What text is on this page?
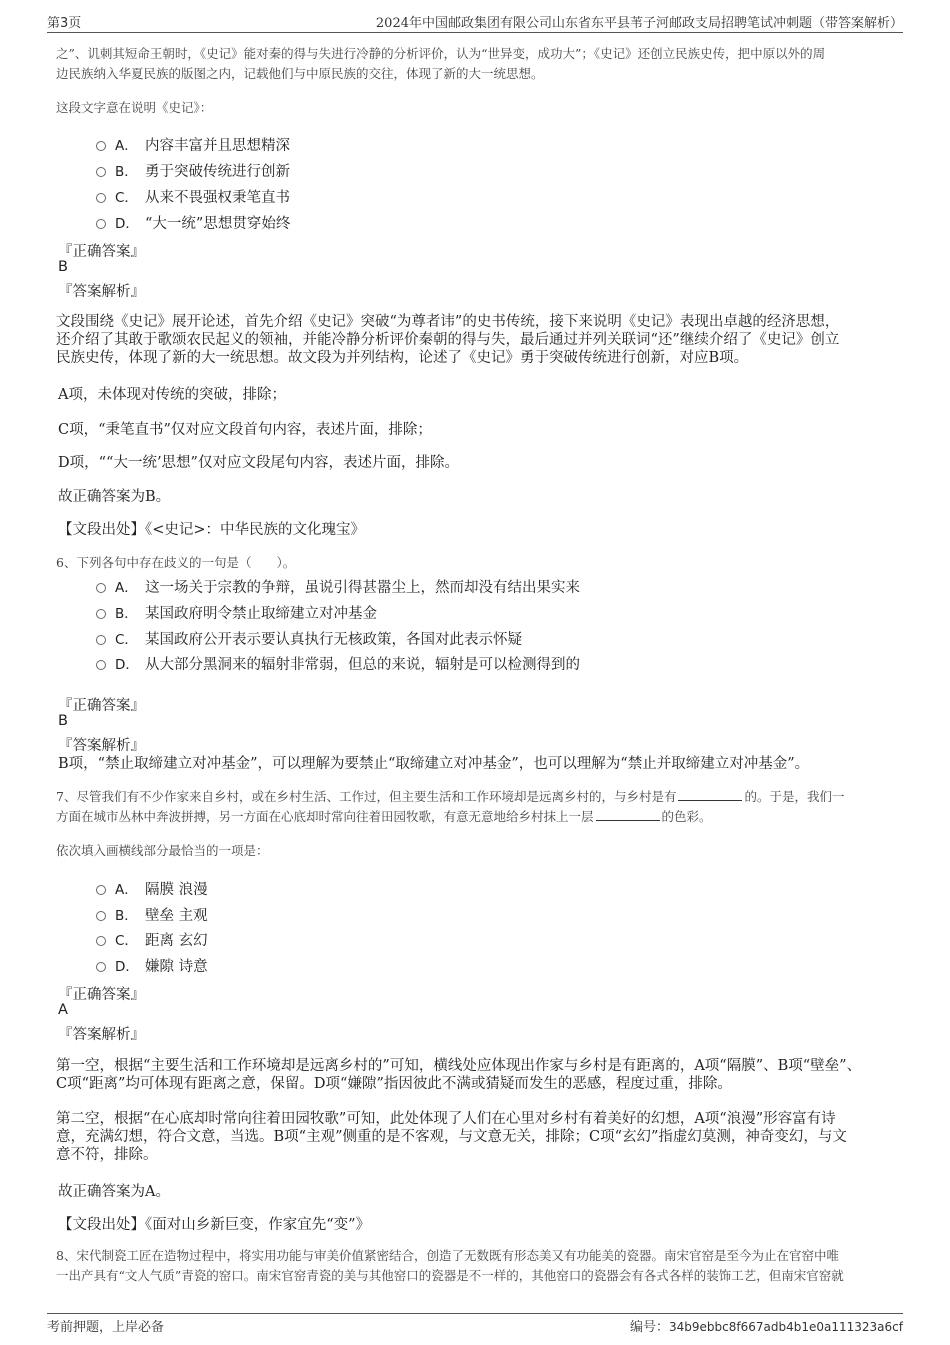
第3页	2024年中国邮政集团有限公司山东省东平县苇子河邮政支局招聘笔试冲刺题（带答案解析）
之”、讥刺其短命王朝时，《史记》能对秦的得与失进行冷静的分析评价，认为“世异变，成功大”；《史记》还创立民族史传，把中原以外的周
边民族纳入华夏民族的版图之内，记载他们与中原民族的交往，体现了新的大一统思想。
这段文字意在说明《史记》：
A． 内容丰富并且思想精深
B． 勇于突破传统进行创新
C． 从来不畏强权秉笔直书
D． “大一统”思想贯穿始终
『正确答案』
B
『答案解析』
文段围绕《史记》展开论述，首先介绍《史记》突破“为尊者讳”的史书传统，接下来说明《史记》表现出卓越的经济思想，
还介绍了其敢于歌颂农民起义的领袖，并能冷静分析评价秦朝的得与失，最后通过并列关联词“还”继续介绍了《史记》创立
民族史传，体现了新的大一统思想。故文段为并列结构，论述了《史记》勇于突破传统进行创新，对应B项。
A项，未体现对传统的突破，排除；
C项，“秉笔直书”仅对应文段首句内容，表述片面，排除；
D项，““大一统’思想”仅对应文段尾句内容，表述片面，排除。
故正确答案为B。
【文段出处】《<史记>：中华民族的文化瑰宝》
6、下列各句中存在歧义的一句是（　　）。
A． 这一场关于宗教的争辩，虽说引得甚嚣尘上，然而却没有结出果实来
B． 某国政府明令禁止取缔建立对冲基金
C． 某国政府公开表示要认真执行无核政策，各国对此表示怀疑
D． 从大部分黑洞来的辐射非常弱，但总的来说，辐射是可以检测得到的
『正确答案』
B
『答案解析』
B项，“禁止取缔建立对冲基金”，可以理解为要禁止“取缔建立对冲基金”，也可以理解为“禁止并取缔建立对冲基金”。
7、尽管我们有不少作家来自乡村，或在乡村生活、工作过，但主要生活和工作环境却是远离乡村的，与乡村是有	的。于是，我们一
方面在城市丛林中奔波拼搏，另一方面在心底却时常向往着田园牧歌，有意无意地给乡村抹上一层	的色彩。
依次填入画横线部分最恰当的一项是：
A． 隔膜 浪漫
B． 壁垒 主观
C． 距离 玄幻
D． 嫌隙 诗意
『正确答案』
A
『答案解析』
第一空，根据“主要生活和工作环境却是远离乡村的”可知，横线处应体现出作家与乡村是有距离的，A项“隔膜”、B项“壁垒”、
C项“距离”均可体现有距离之意，保留。D项“嫌隙”指因彼此不满或猜疑而发生的恶感，程度过重，排除。
第二空，根据“在心底却时常向往着田园牧歌”可知，此处体现了人们在心里对乡村有着美好的幻想，A项“浪漫”形容富有诗
意，充满幻想，符合文意，当选。B项“主观”侧重的是不客观，与文意无关，排除；C项“玄幻”指虚幻莫测，神奇变幻，与文
意不符，排除。
故正确答案为A。
【文段出处】《面对山乡新巨变，作家宜先“变”》
8、宋代制瓷工匠在造物过程中，将实用功能与审美价值紧密结合，创造了无数既有形态美又有功能美的瓷器。南宋官窑是至今为止在官窑中唯
一出产具有“文人气质”青瓷的窑口。南宋官窑青瓷的美与其他窑口的瓷器是不一样的，其他窑口的瓷器会有各式各样的装饰工艺，但南宋官窑就
考前押题，上岸必备	编号：34b9ebbc8f667adb4b1e0a111323a6cf
